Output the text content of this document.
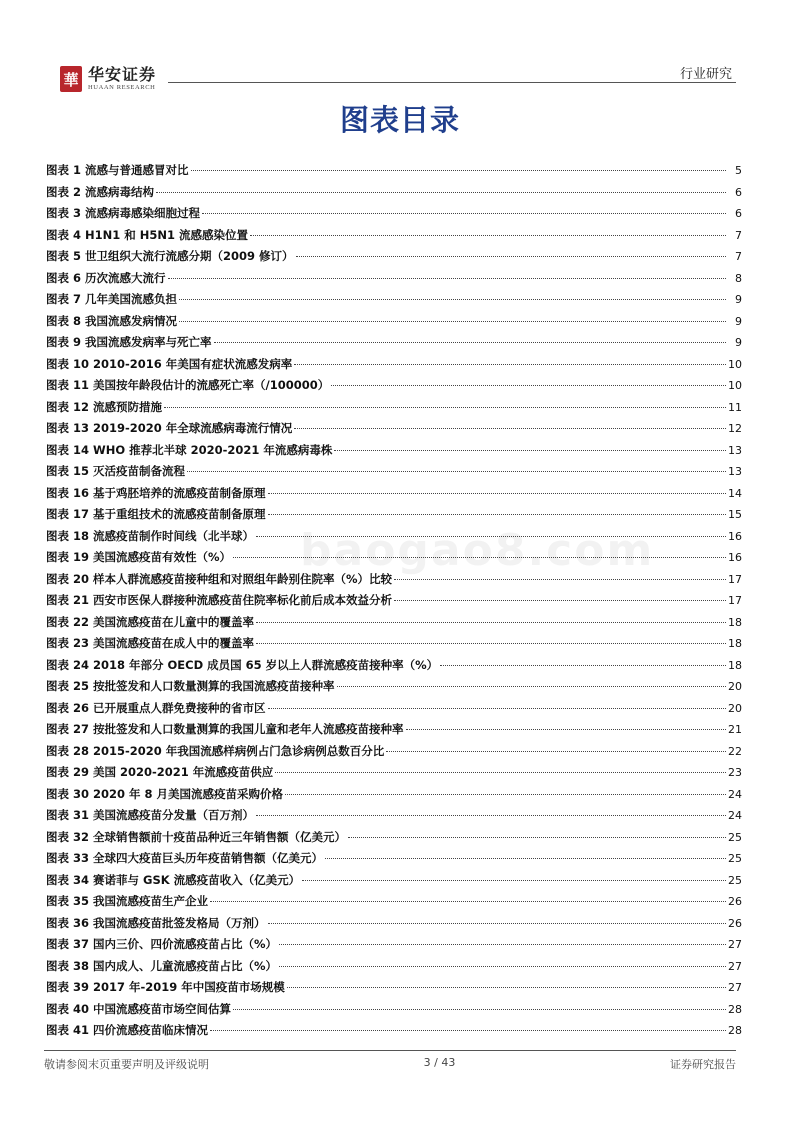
華 华安证券
HUAAN RESEARCH
行业研究
图表目录
baogao8.com
图表 1 流感与普通感冒对比	5
图表 2 流感病毒结构	6
图表 3 流感病毒感染细胞过程	6
图表 4 H1N1 和 H5N1 流感感染位置	7
图表 5 世卫组织大流行流感分期（2009 修订）	7
图表 6 历次流感大流行	8
图表 7 几年美国流感负担	9
图表 8 我国流感发病情况	9
图表 9 我国流感发病率与死亡率	9
图表 10 2010-2016 年美国有症状流感发病率	10
图表 11 美国按年龄段估计的流感死亡率（/100000）	10
图表 12 流感预防措施	11
图表 13 2019-2020 年全球流感病毒流行情况	12
图表 14 WHO 推荐北半球 2020-2021 年流感病毒株	13
图表 15 灭活疫苗制备流程	13
图表 16 基于鸡胚培养的流感疫苗制备原理	14
图表 17 基于重组技术的流感疫苗制备原理	15
图表 18 流感疫苗制作时间线（北半球）	16
图表 19 美国流感疫苗有效性（%）	16
图表 20 样本人群流感疫苗接种组和对照组年龄别住院率（%）比较	17
图表 21 西安市医保人群接种流感疫苗住院率标化前后成本效益分析	17
图表 22 美国流感疫苗在儿童中的覆盖率	18
图表 23 美国流感疫苗在成人中的覆盖率	18
图表 24 2018 年部分 OECD 成员国 65 岁以上人群流感疫苗接种率（%）	18
图表 25 按批签发和人口数量测算的我国流感疫苗接种率	20
图表 26 已开展重点人群免费接种的省市区	20
图表 27 按批签发和人口数量测算的我国儿童和老年人流感疫苗接种率	21
图表 28 2015-2020 年我国流感样病例占门急诊病例总数百分比	22
图表 29 美国 2020-2021 年流感疫苗供应	23
图表 30 2020 年 8 月美国流感疫苗采购价格	24
图表 31 美国流感疫苗分发量（百万剂）	24
图表 32 全球销售额前十疫苗品种近三年销售额（亿美元）	25
图表 33 全球四大疫苗巨头历年疫苗销售额（亿美元）	25
图表 34 赛诺菲与 GSK 流感疫苗收入（亿美元）	25
图表 35 我国流感疫苗生产企业	26
图表 36 我国流感疫苗批签发格局（万剂）	26
图表 37 国内三价、四价流感疫苗占比（%）	27
图表 38 国内成人、儿童流感疫苗占比（%）	27
图表 39 2017 年-2019 年中国疫苗市场规模	27
图表 40 中国流感疫苗市场空间估算	28
图表 41 四价流感疫苗临床情况	28
敬请参阅末页重要声明及评级说明	3 / 43	证券研究报告
